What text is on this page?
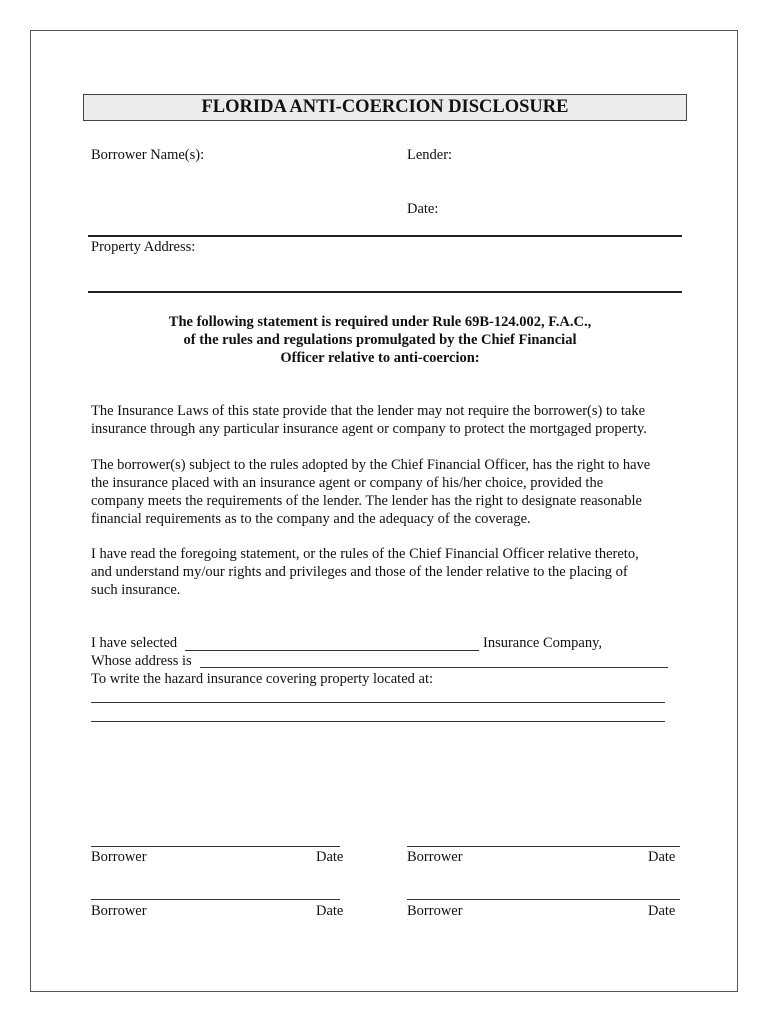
FLORIDA ANTI-COERCION DISCLOSURE
Borrower Name(s):	Lender:
Date:
Property Address:
The following statement is required under Rule 69B-124.002, F.A.C.,
of the rules and regulations promulgated by the Chief Financial
Officer relative to anti-coercion:
The Insurance Laws of this state provide that the lender may not require the borrower(s) to take
insurance through any particular insurance agent or company to protect the mortgaged property.
The borrower(s) subject to the rules adopted by the Chief Financial Officer, has the right to have
the insurance placed with an insurance agent or company of his/her choice, provided the
company meets the requirements of the lender. The lender has the right to designate reasonable
financial requirements as to the company and the adequacy of the coverage.
I have read the foregoing statement, or the rules of the Chief Financial Officer relative thereto,
and understand my/our rights and privileges and those of the lender relative to the placing of
such insurance.
I have selected	Insurance Company,
Whose address is
To write the hazard insurance covering property located at:
Borrower	Date	Borrower	Date
Borrower	Date	Borrower	Date
